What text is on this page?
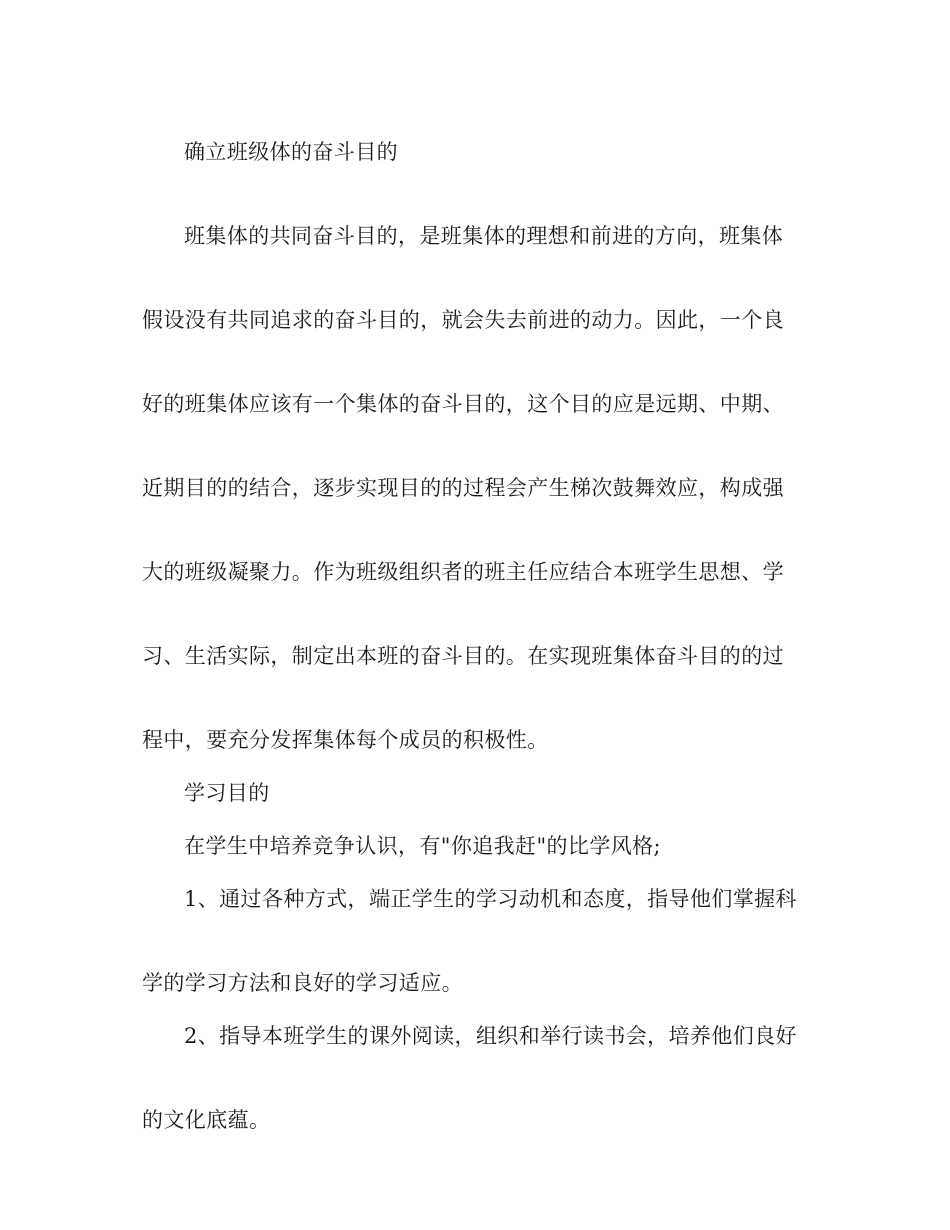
确立班级体的奋斗目的
班集体的共同奋斗目的，是班集体的理想和前进的方向，班集体
假设没有共同追求的奋斗目的，就会失去前进的动力。因此，一个良
好的班集体应该有一个集体的奋斗目的，这个目的应是远期、中期、
近期目的的结合，逐步实现目的的过程会产生梯次鼓舞效应，构成强
大的班级凝聚力。作为班级组织者的班主任应结合本班学生思想、学
习、生活实际，制定出本班的奋斗目的。在实现班集体奋斗目的的过
程中，要充分发挥集体每个成员的积极性。
学习目的
在学生中培养竞争认识，有"你追我赶"的比学风格;
1、通过各种方式，端正学生的学习动机和态度，指导他们掌握科
学的学习方法和良好的学习适应。
2、指导本班学生的课外阅读，组织和举行读书会，培养他们良好
的文化底蕴。
